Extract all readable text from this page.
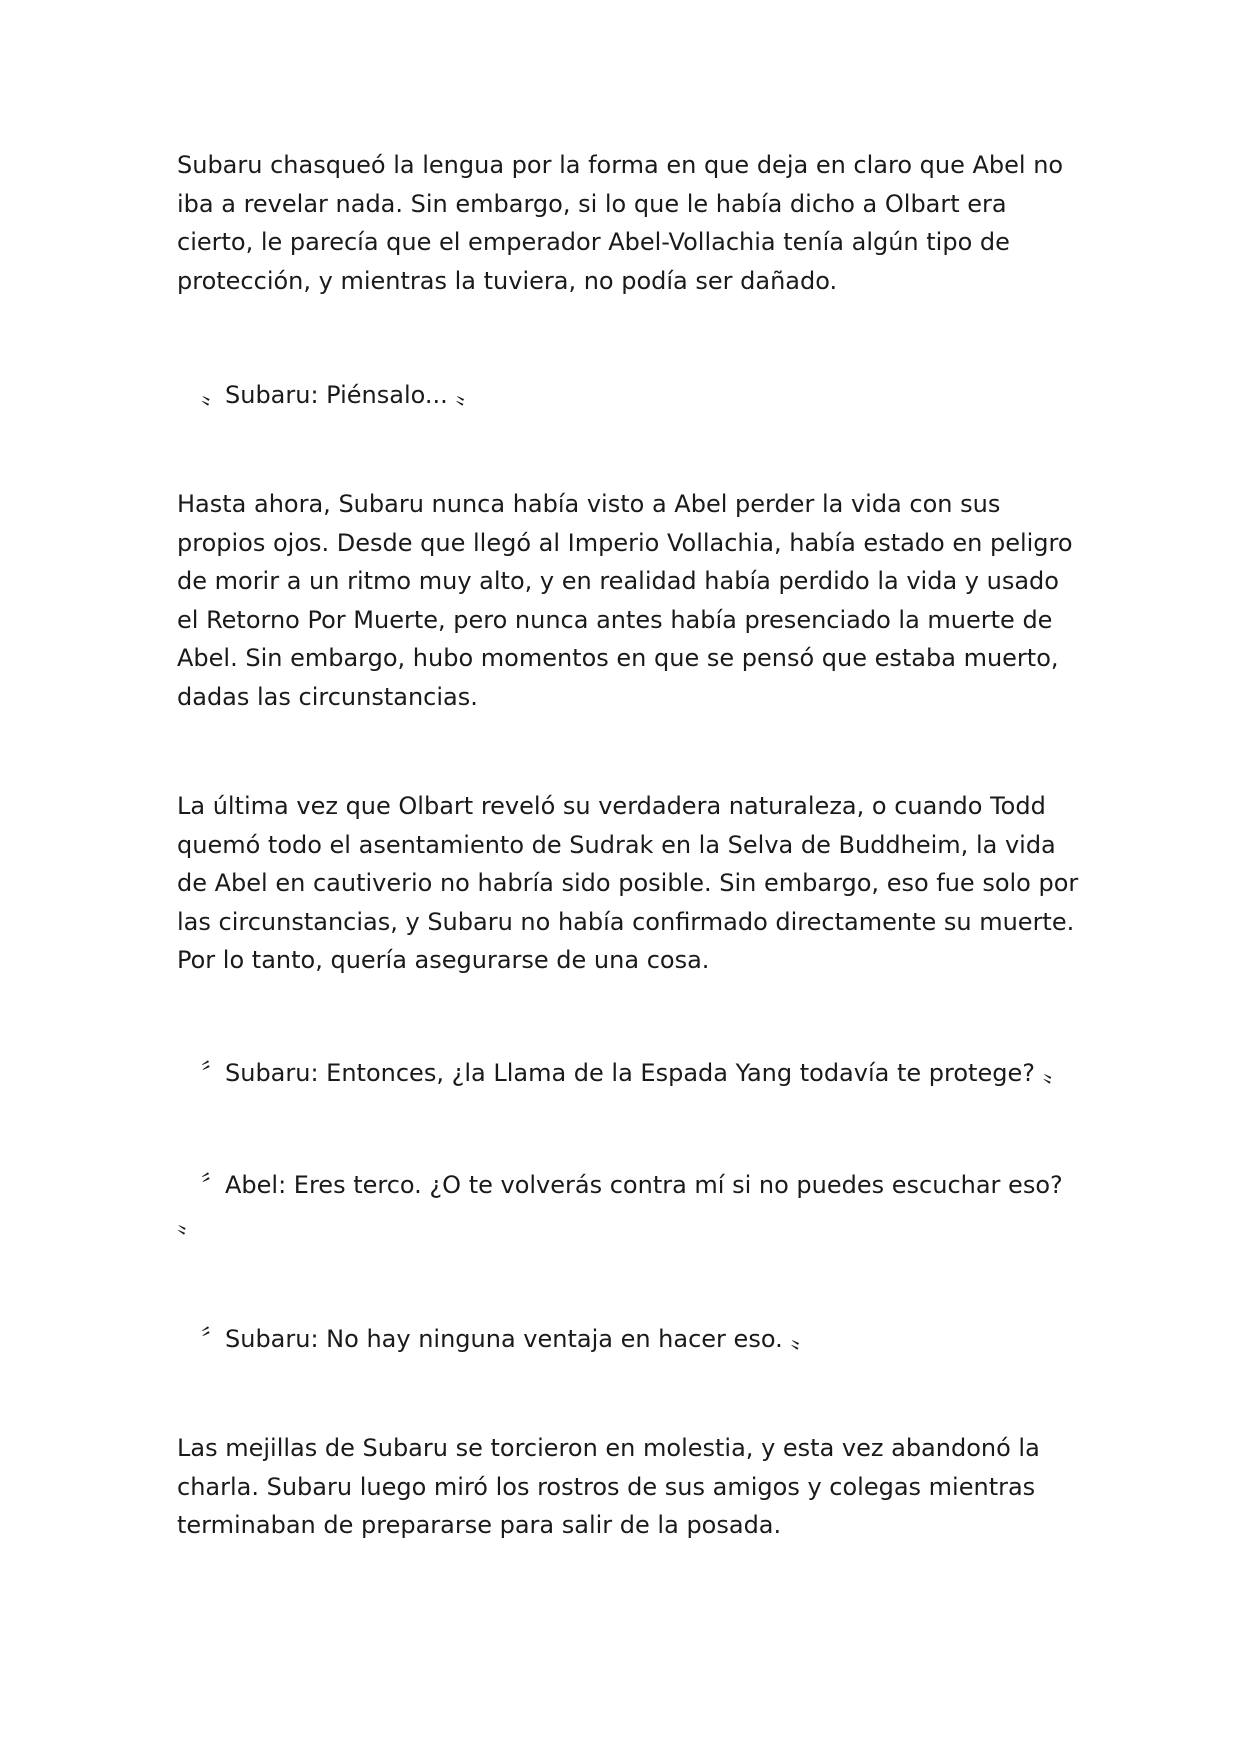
Subaru chasqueó la lengua por la forma en que deja en claro que Abel no
iba a revelar nada. Sin embargo, si lo que le había dicho a Olbart era
cierto, le parecía que el emperador Abel-Vollachia tenía algún tipo de
protección, y mientras la tuviera, no podía ser dañado.

　〟Subaru: Piénsalo... 〟

Hasta ahora, Subaru nunca había visto a Abel perder la vida con sus
propios ojos. Desde que llegó al Imperio Vollachia, había estado en peligro
de morir a un ritmo muy alto, y en realidad había perdido la vida y usado
el Retorno Por Muerte, pero nunca antes había presenciado la muerte de
Abel. Sin embargo, hubo momentos en que se pensó que estaba muerto,
dadas las circunstancias.

La última vez que Olbart reveló su verdadera naturaleza, o cuando Todd
quemó todo el asentamiento de Sudrak en la Selva de Buddheim, la vida
de Abel en cautiverio no habría sido posible. Sin embargo, eso fue solo por
las circunstancias, y Subaru no había confirmado directamente su muerte.
Por lo tanto, quería asegurarse de una cosa.

　〞Subaru: Entonces, ¿la Llama de la Espada Yang todavía te protege? 〟

　〞Abel: Eres terco. ¿O te volverás contra mí si no puedes escuchar eso?
〟

　〞Subaru: No hay ninguna ventaja en hacer eso. 〟

Las mejillas de Subaru se torcieron en molestia, y esta vez abandonó la
charla. Subaru luego miró los rostros de sus amigos y colegas mientras
terminaban de prepararse para salir de la posada.
